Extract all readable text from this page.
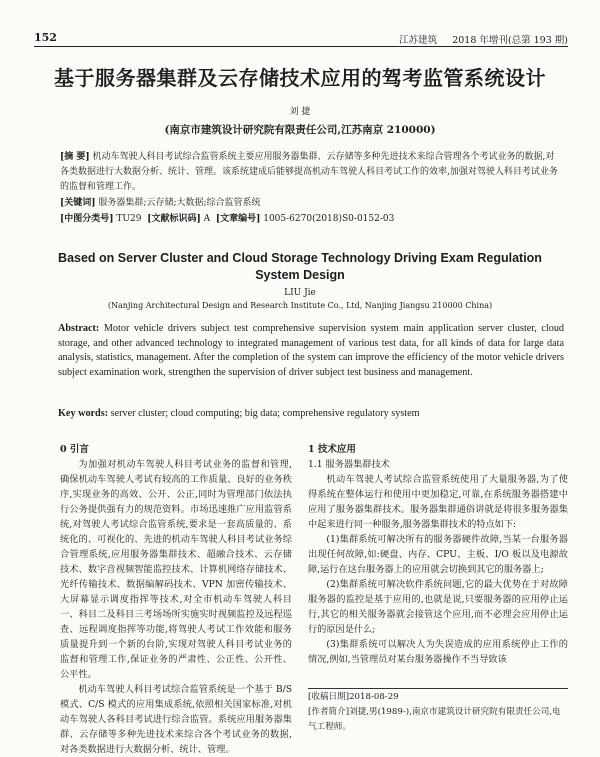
152	江苏建筑 2018 年增刊(总第 193 期)
基于服务器集群及云存储技术应用的驾考监管系统设计
刘 捷
(南京市建筑设计研究院有限责任公司,江苏南京 210000)
[摘 要] 机动车驾驶人科目考试综合监管系统主要应用服务器集群、云存储等多种先进技术来综合管理各个考试业务的数据,对各类数据进行大数据分析、统计、管理。该系统建成后能够提高机动车驾驶人科目考试工作的效率,加强对驾驶人科目考试业务的监督和管理工作。
[关键词] 服务器集群;云存储;大数据;综合监管系统
[中图分类号] TU29 [文献标识码] A [文章编号] 1005-6270(2018)S0-0152-03
Based on Server Cluster and Cloud Storage Technology Driving Exam Regulation System Design
LIU Jie
(Nanjing Architectural Design and Research Institute Co., Ltd, Nanjing Jiangsu 210000 China)
Abstract: Motor vehicle drivers subject test comprehensive supervision system main application server cluster, cloud storage, and other advanced technology to integrated management of various test data, for all kinds of data for large data analysis, statistics, management. After the completion of the system can improve the efficiency of the motor vehicle drivers subject examination work, strengthen the supervision of driver subject test business and management.
Key words: server cluster; cloud computing; big data; comprehensive regulatory system

0 引言

为加强对机动车驾驶人科目考试业务的监督和管理,确保机动车驾驶人考试有较高的工作质量、良好的业务秩序,实现业务的高效、公开、公正,同时为管理部门依法执行公务提供强有力的规范资料。市场迅速推广应用监管系统,对驾驶人考试综合监管系统,要求是一套高质量的、系统化的、可视化的、先进的机动车驾驶人科目考试业务综合管理系统,应用服务器集群技术、超融合技术、云存储技术、数字音视频智能监控技术、计算机网络存储技术、光纤传输技术、数据编解码技术、VPN 加密传输技术、大屏幕显示调度指挥等技术,对全市机动车驾驶人科目一、科目二及科目三考场场所实施实时视频监控及远程巡查、远程调度指挥等功能,将驾驶人考试工作效能和服务质量提升到一个新的台阶,实现对驾驶人科目考试业务的监督和管理工作,保证业务的严肃性、公正性、公开性、公平性。

机动车驾驶人科目考试综合监管系统是一个基于 B/S 模式、C/S 模式的应用集成系统,依照相关国家标准,对机动车驾驶人各科目考试进行综合监管。系统应用服务器集群、云存储等多种先进技术来综合各个考试业务的数据,对各类数据进行大数据分析、统计、管理。

1 技术应用

1.1 服务器集群技术

机动车驾驶人考试综合监管系统使用了大量服务器,为了使得系统在整体运行和使用中更加稳定,可靠,在系统服务器搭建中应用了服务器集群技术。服务器集群通俗讲就是将很多服务器集中起来进行同一种服务,服务器集群技术的特点如下:

(1)集群系统可解决所有的服务器硬件故障,当某一台服务器出现任何故障,如:硬盘、内存、CPU、主板、I/O 板以及电源故障,运行在这台服务器上的应用就会切换到其它的服务器上;

(2)集群系统可解决软件系统问题,它的最大优势在于对故障服务器的监控是基于应用的,也就是说,只要服务器的应用停止运行,其它的相关服务器就会接管这个应用,而不必理会应用停止运行的原因是什么;

(3)集群系统可以解决人为失误造成的应用系统停止工作的情况,例如,当管理员对某台服务器操作不当导致该

[收稿日期]2018-08-29
[作者简介]刘捷,男(1989-),南京市建筑设计研究院有限责任公司,电气工程师。
